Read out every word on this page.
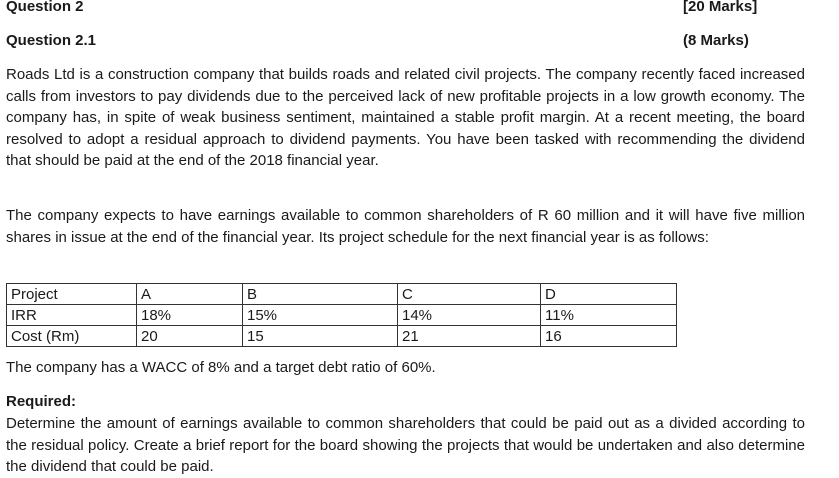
Question 2	[20 Marks]
Question 2.1	(8 Marks)
Roads Ltd is a construction company that builds roads and related civil projects. The company recently faced increased calls from investors to pay dividends due to the perceived lack of new profitable projects in a low growth economy. The company has, in spite of weak business sentiment, maintained a stable profit margin. At a recent meeting, the board resolved to adopt a residual approach to dividend payments. You have been tasked with recommending the dividend that should be paid at the end of the 2018 financial year.
The company expects to have earnings available to common shareholders of R 60 million and it will have five million shares in issue at the end of the financial year. Its project schedule for the next financial year is as follows:
Project	A	B	C	D
IRR	18%	15%	14%	11%
Cost (Rm)	20	15	21	16
The company has a WACC of 8% and a target debt ratio of 60%.
Required:
Determine the amount of earnings available to common shareholders that could be paid out as a divided according to the residual policy. Create a brief report for the board showing the projects that would be undertaken and also determine the dividend that could be paid.
